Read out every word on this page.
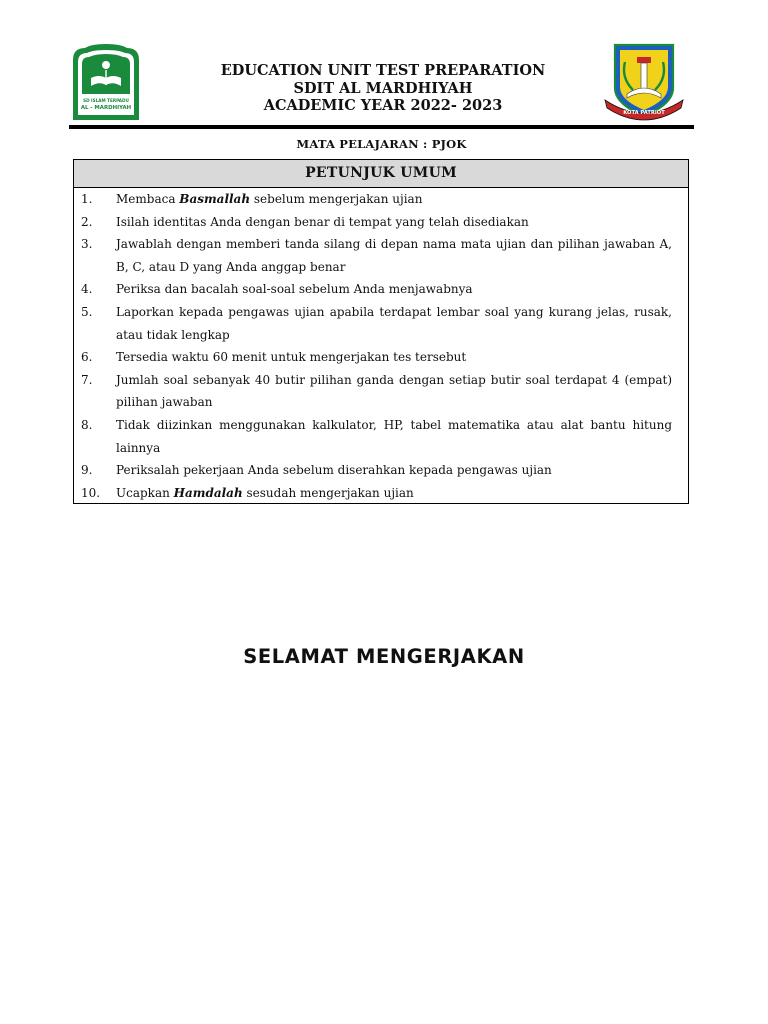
SD ISLAM TERPADU
AL - MARDHIYAH
EDUCATION UNIT TEST PREPARATION
SDIT AL MARDHIYAH
ACADEMIC YEAR 2022- 2023	KOTA PATRIOT
MATA PELAJARAN : PJOK
PETUNJUK UMUM
1.	Membaca Basmallah sebelum mengerjakan ujian
2.	Isilah identitas Anda dengan benar di tempat yang telah disediakan
3.	Jawablah dengan memberi tanda silang di depan nama mata ujian dan pilihan jawaban A, B, C, atau D yang Anda anggap benar
4.	Periksa dan bacalah soal-soal sebelum Anda menjawabnya
5.	Laporkan kepada pengawas ujian apabila terdapat lembar soal yang kurang jelas, rusak, atau tidak lengkap
6.	Tersedia waktu 60 menit untuk mengerjakan tes tersebut
7.	Jumlah soal sebanyak 40 butir pilihan ganda dengan setiap butir soal terdapat 4 (empat) pilihan jawaban
8.	Tidak diizinkan menggunakan kalkulator, HP, tabel matematika atau alat bantu hitung lainnya
9.	Periksalah pekerjaan Anda sebelum diserahkan kepada pengawas ujian
10.	Ucapkan Hamdalah sesudah mengerjakan ujian
SELAMAT MENGERJAKAN
